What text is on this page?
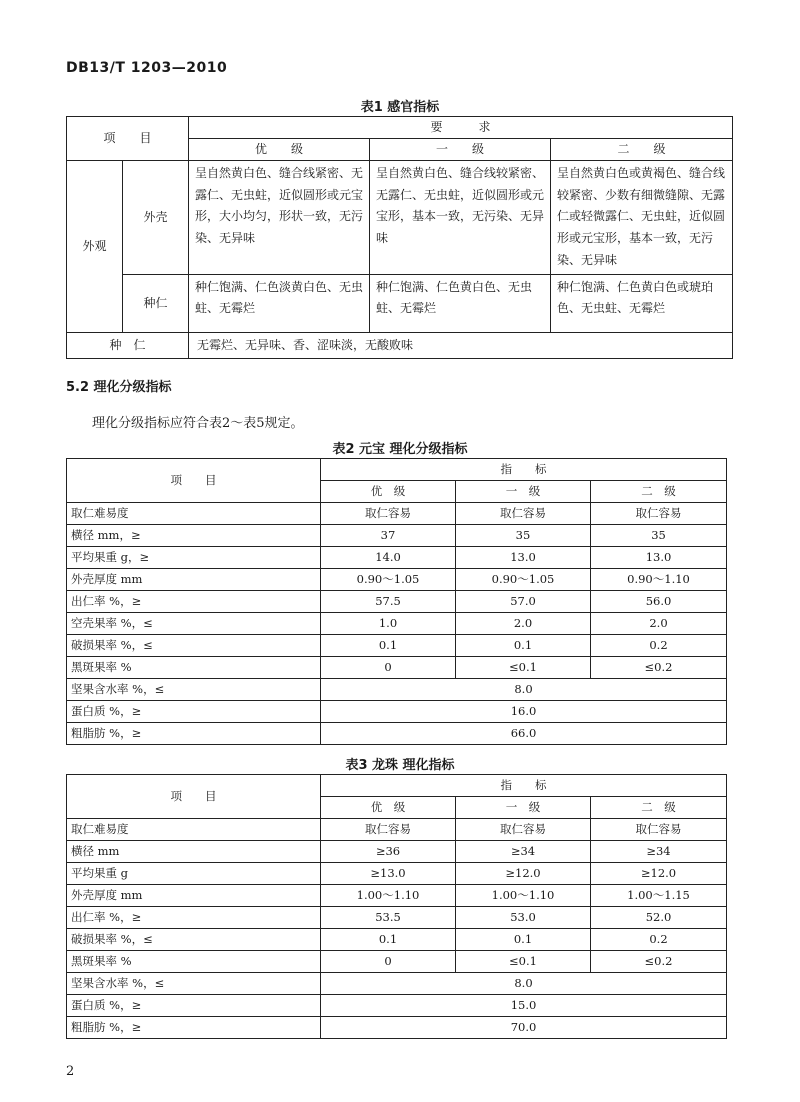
DB13/T 1203—2010
表1 感官指标
项　　目		要　　　求		
		优　　级	一　　级	二　　级
外观	外壳	呈自然黄白色、缝合线紧密、无露仁、无虫蛀，近似圆形或元宝形，大小均匀，形状一致，无污染、无异味	呈自然黄白色、缝合线较紧密、无露仁、无虫蛀，近似圆形或元宝形，基本一致，无污染、无异味	呈自然黄白色或黄褐色、缝合线较紧密、少数有细微缝隙、无露仁或轻微露仁、无虫蛀，近似圆形或元宝形，基本一致，无污染、无异味
	种仁	种仁饱满、仁色淡黄白色、无虫蛀、无霉烂	种仁饱满、仁色黄白色、无虫蛀、无霉烂	种仁饱满、仁色黄白色或琥珀色、无虫蛀、无霉烂
种　仁		无霉烂、无异味、香、涩味淡，无酸败味		
5.2 理化分级指标
理化分级指标应符合表2～表5规定。
表2 元宝 理化分级指标
项　　目	指　　标		
	优　级	一　级	二　级
取仁难易度	取仁容易	取仁容易	取仁容易
横径 mm，≥	37	35	35
平均果重 g，≥	14.0	13.0	13.0
外壳厚度 mm	0.90～1.05	0.90～1.05	0.90～1.10
出仁率 %，≥	57.5	57.0	56.0
空壳果率 %，≤	1.0	2.0	2.0
破损果率 %，≤	0.1	0.1	0.2
黑斑果率 %	0	≤0.1	≤0.2
坚果含水率 %，≤	8.0		
蛋白质 %，≥	16.0		
粗脂肪 %，≥	66.0		
表3 龙珠 理化指标
项　　目	指　　标		
	优　级	一　级	二　级
取仁难易度	取仁容易	取仁容易	取仁容易
横径 mm	≥36	≥34	≥34
平均果重 g	≥13.0	≥12.0	≥12.0
外壳厚度 mm	1.00～1.10	1.00～1.10	1.00～1.15
出仁率 %，≥	53.5	53.0	52.0
破损果率 %，≤	0.1	0.1	0.2
黑斑果率 %	0	≤0.1	≤0.2
坚果含水率 %，≤	8.0		
蛋白质 %，≥	15.0		
粗脂肪 %，≥	70.0		
2
